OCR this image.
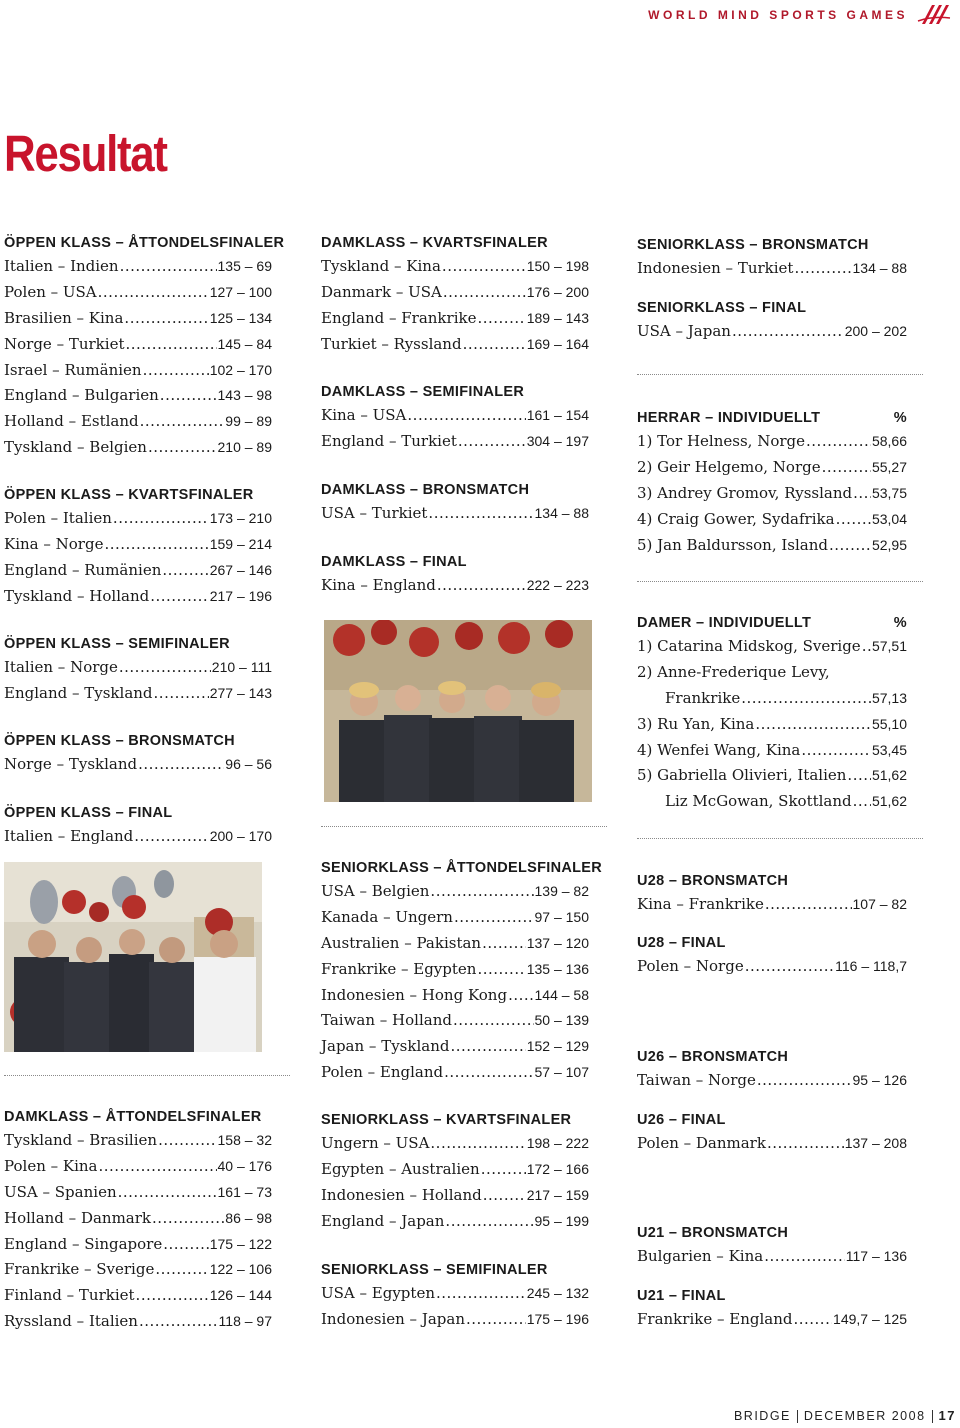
WORLD MIND SPORTS GAMES
Resultat
ÖPPEN KLASS – ÅTTONDELSFINALER
Italien – Indien .....	135 – 69
Polen – USA .....	127 – 100
Brasilien – Kina .....	125 – 134
Norge – Turkiet .....	145 – 84
Israel – Rumänien .....	102 – 170
England – Bulgarien .....	143 – 98
Holland – Estland .....	99 – 89
Tyskland – Belgien .....	210 – 89
ÖPPEN KLASS – KVARTSFINALER
Polen – Italien .....	173 – 210
Kina – Norge .....	159 – 214
England – Rumänien .....	267 – 146
Tyskland – Holland .....	217 – 196
ÖPPEN KLASS – SEMIFINALER
Italien – Norge .....	210 – 111
England – Tyskland .....	277 – 143
ÖPPEN KLASS – BRONSMATCH
Norge – Tyskland .....	96 – 56
ÖPPEN KLASS – FINAL
Italien – England .....	200 – 170
DAMKLASS – ÅTTONDELSFINALER
Tyskland – Brasilien .....	158 – 32
Polen – Kina .....	40 – 176
USA – Spanien .....	161 – 73
Holland – Danmark .....	86 – 98
England – Singapore .....	175 – 122
Frankrike – Sverige .....	122 – 106
Finland – Turkiet .....	126 – 144
Ryssland – Italien .....	118 – 97
DAMKLASS – KVARTSFINALER
Tyskland – Kina .....	150 – 198
Danmark – USA .....	176 – 200
England – Frankrike .....	189 – 143
Turkiet – Ryssland .....	169 – 164
DAMKLASS – SEMIFINALER
Kina – USA .....	161 – 154
England – Turkiet .....	304 – 197
DAMKLASS – BRONSMATCH
USA – Turkiet .....	134 – 88
DAMKLASS – FINAL
Kina – England .....	222 – 223
SENIORKLASS – ÅTTONDELSFINALER
USA – Belgien .....	139 – 82
Kanada – Ungern .....	97 – 150
Australien – Pakistan .....	137 – 120
Frankrike – Egypten .....	135 – 136
Indonesien – Hong Kong ..... 144 – 58
Taiwan – Holland .....	50 – 139
Japan – Tyskland .....	152 – 129
Polen – England .....	57 – 107
SENIORKLASS – KVARTSFINALER
Ungern – USA .....	198 – 222
Egypten – Australien .....	172 – 166
Indonesien – Holland .....	217 – 159
England – Japan .....	95 – 199
SENIORKLASS – SEMIFINALER
USA – Egypten .....	245 – 132
Indonesien – Japan .....	175 – 196
SENIORKLASS – BRONSMATCH
Indonesien – Turkiet .....	134 – 88
SENIORKLASS – FINAL
USA – Japan .....	200 – 202
HERRAR – INDIVIDUELLT	%
1) Tor Helness, Norge .....	58,66
2) Geir Helgemo, Norge .....	55,27
3) Andrey Gromov, Ryssland ..... 53,75
4) Craig Gower, Sydafrika .....	53,04
5) Jan Baldursson, Island .....	52,95
DAMER – INDIVIDUELLT	%
1) Catarina Midskog, Sverige ..... 57,51
2) Anne-Frederique Levy,
Frankrike .....	57,13
3) Ru Yan, Kina .....	55,10
4) Wenfei Wang, Kina .....	53,45
5) Gabriella Olivieri, Italien ..... 51,62
Liz McGowan, Skottland ..... 51,62
U28 – BRONSMATCH
Kina – Frankrike .....	107 – 82
U28 – FINAL
Polen – Norge .....	116 – 118,7
U26 – BRONSMATCH
Taiwan – Norge .....	95 – 126
U26 – FINAL
Polen – Danmark .....	137 – 208
U21 – BRONSMATCH
Bulgarien – Kina .....	117 – 136
U21 – FINAL
Frankrike – England .....	149,7 – 125
BRIDGE DECEMBER 2008 17
